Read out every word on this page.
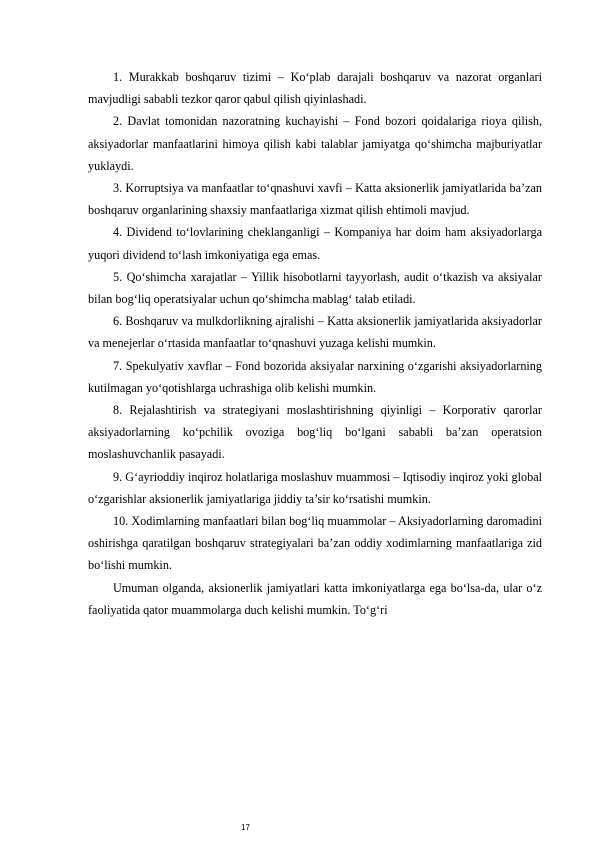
1. Murakkab boshqaruv tizimi – Ko‘plab darajali boshqaruv va nazorat organlari mavjudligi sababli tezkor qaror qabul qilish qiyinlashadi.

2. Davlat tomonidan nazoratning kuchayishi – Fond bozori qoidalariga rioya qilish, aksiyadorlar manfaatlarini himoya qilish kabi talablar jamiyatga qo‘shimcha majburiyatlar yuklaydi.

3. Korruptsiya va manfaatlar to‘qnashuvi xavfi – Katta aksionerlik jamiyatlarida ba’zan boshqaruv organlarining shaxsiy manfaatlariga xizmat qilish ehtimoli mavjud.

4. Dividend to‘lovlarining cheklanganligi – Kompaniya har doim ham aksiyadorlarga yuqori dividend to‘lash imkoniyatiga ega emas.

5. Qo‘shimcha xarajatlar – Yillik hisobotlarni tayyorlash, audit o‘tkazish va aksiyalar bilan bog‘liq operatsiyalar uchun qo‘shimcha mablag‘ talab etiladi.

6. Boshqaruv va mulkdorlikning ajralishi – Katta aksionerlik jamiyatlarida aksiyadorlar va menejerlar o‘rtasida manfaatlar to‘qnashuvi yuzaga kelishi mumkin.

7. Spekulyativ xavflar – Fond bozorida aksiyalar narxining o‘zgarishi aksiyadorlarning kutilmagan yo‘qotishlarga uchrashiga olib kelishi mumkin.

8. Rejalashtirish va strategiyani moslashtirishning qiyinligi – Korporativ qarorlar aksiyadorlarning ko‘pchilik ovoziga bog‘liq bo‘lgani sababli ba’zan operatsion moslashuvchanlik pasayadi.

9. G‘ayrioddiy inqiroz holatlariga moslashuv muammosi – Iqtisodiy inqiroz yoki global o‘zgarishlar aksionerlik jamiyatlariga jiddiy ta’sir ko‘rsatishi mumkin.

10. Xodimlarning manfaatlari bilan bog‘liq muammolar – Aksiyadorlarning daromadini oshirishga qaratilgan boshqaruv strategiyalari ba’zan oddiy xodimlarning manfaatlariga zid bo‘lishi mumkin.

Umuman olganda, aksionerlik jamiyatlari katta imkoniyatlarga ega bo‘lsa-da, ular o‘z faoliyatida qator muammolarga duch kelishi mumkin. To‘g‘ri

17
